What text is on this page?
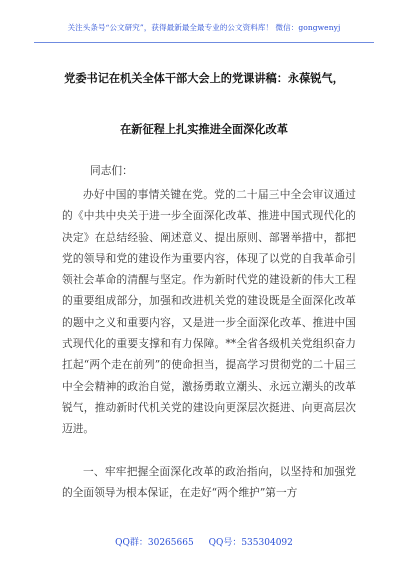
关注头条号“公文研究”，获得最新最全最专业的公文资料库！ 微信：gongwenyj
党委书记在机关全体干部大会上的党课讲稿：永葆锐气，
在新征程上扎实推进全面深化改革
同志们：
办好中国的事情关键在党。党的二十届三中全会审议通过的《中共中央关于进一步全面深化改革、推进中国式现代化的决定》在总结经验、阐述意义、提出原则、部署举措中，都把党的领导和党的建设作为重要内容，体现了以党的自我革命引领社会革命的清醒与坚定。作为新时代党的建设新的伟大工程的重要组成部分，加强和改进机关党的建设既是全面深化改革的题中之义和重要内容，又是进一步全面深化改革、推进中国式现代化的重要支撑和有力保障。**全省各级机关党组织奋力扛起“两个走在前列”的使命担当，提高学习贯彻党的二十届三中全会精神的政治自觉，激扬勇敢立潮头、永远立潮头的改革锐气，推动新时代机关党的建设向更深层次挺进、向更高层次迈进。
一、牢牢把握全面深化改革的政治指向，以坚持和加强党的全面领导为根本保证，在走好“两个维护”第一方
QQ群：30265665 QQ号：535304092
